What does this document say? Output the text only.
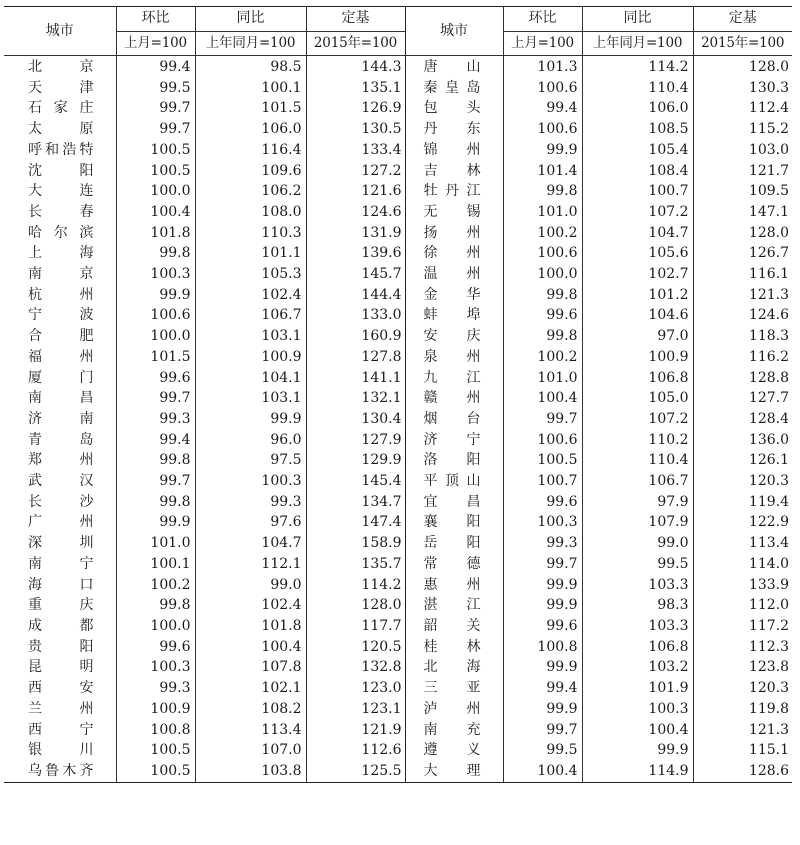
城市	环比	同比	定基	城市	环比	同比	定基
	上月=100	上年同月=100	2015年=100		上月=100	上年同月=100	2015年=100
北京	99.4	98.5	144.3	唐山	101.3	114.2	128.0
天津	99.5	100.1	135.1	秦皇岛	100.6	110.4	130.3
石家庄	99.7	101.5	126.9	包头	99.4	106.0	112.4
太原	99.7	106.0	130.5	丹东	100.6	108.5	115.2
呼和浩特	100.5	116.4	133.4	锦州	99.9	105.4	103.0
沈阳	100.5	109.6	127.2	吉林	101.4	108.4	121.7
大连	100.0	106.2	121.6	牡丹江	99.8	100.7	109.5
长春	100.4	108.0	124.6	无锡	101.0	107.2	147.1
哈尔滨	101.8	110.3	131.9	扬州	100.2	104.7	128.0
上海	99.8	101.1	139.6	徐州	100.6	105.6	126.7
南京	100.3	105.3	145.7	温州	100.0	102.7	116.1
杭州	99.9	102.4	144.4	金华	99.8	101.2	121.3
宁波	100.6	106.7	133.0	蚌埠	99.6	104.6	124.6
合肥	100.0	103.1	160.9	安庆	99.8	97.0	118.3
福州	101.5	100.9	127.8	泉州	100.2	100.9	116.2
厦门	99.6	104.1	141.1	九江	101.0	106.8	128.8
南昌	99.7	103.1	132.1	赣州	100.4	105.0	127.7
济南	99.3	99.9	130.4	烟台	99.7	107.2	128.4
青岛	99.4	96.0	127.9	济宁	100.6	110.2	136.0
郑州	99.8	97.5	129.9	洛阳	100.5	110.4	126.1
武汉	99.7	100.3	145.4	平顶山	100.7	106.7	120.3
长沙	99.8	99.3	134.7	宜昌	99.6	97.9	119.4
广州	99.9	97.6	147.4	襄阳	100.3	107.9	122.9
深圳	101.0	104.7	158.9	岳阳	99.3	99.0	113.4
南宁	100.1	112.1	135.7	常德	99.7	99.5	114.0
海口	100.2	99.0	114.2	惠州	99.9	103.3	133.9
重庆	99.8	102.4	128.0	湛江	99.9	98.3	112.0
成都	100.0	101.8	117.7	韶关	99.6	103.3	117.2
贵阳	99.6	100.4	120.5	桂林	100.8	106.8	112.3
昆明	100.3	107.8	132.8	北海	99.9	103.2	123.8
西安	99.3	102.1	123.0	三亚	99.4	101.9	120.3
兰州	100.9	108.2	123.1	泸州	99.9	100.3	119.8
西宁	100.8	113.4	121.9	南充	99.7	100.4	121.3
银川	100.5	107.0	112.6	遵义	99.5	99.9	115.1
乌鲁木齐	100.5	103.8	125.5	大理	100.4	114.9	128.6
